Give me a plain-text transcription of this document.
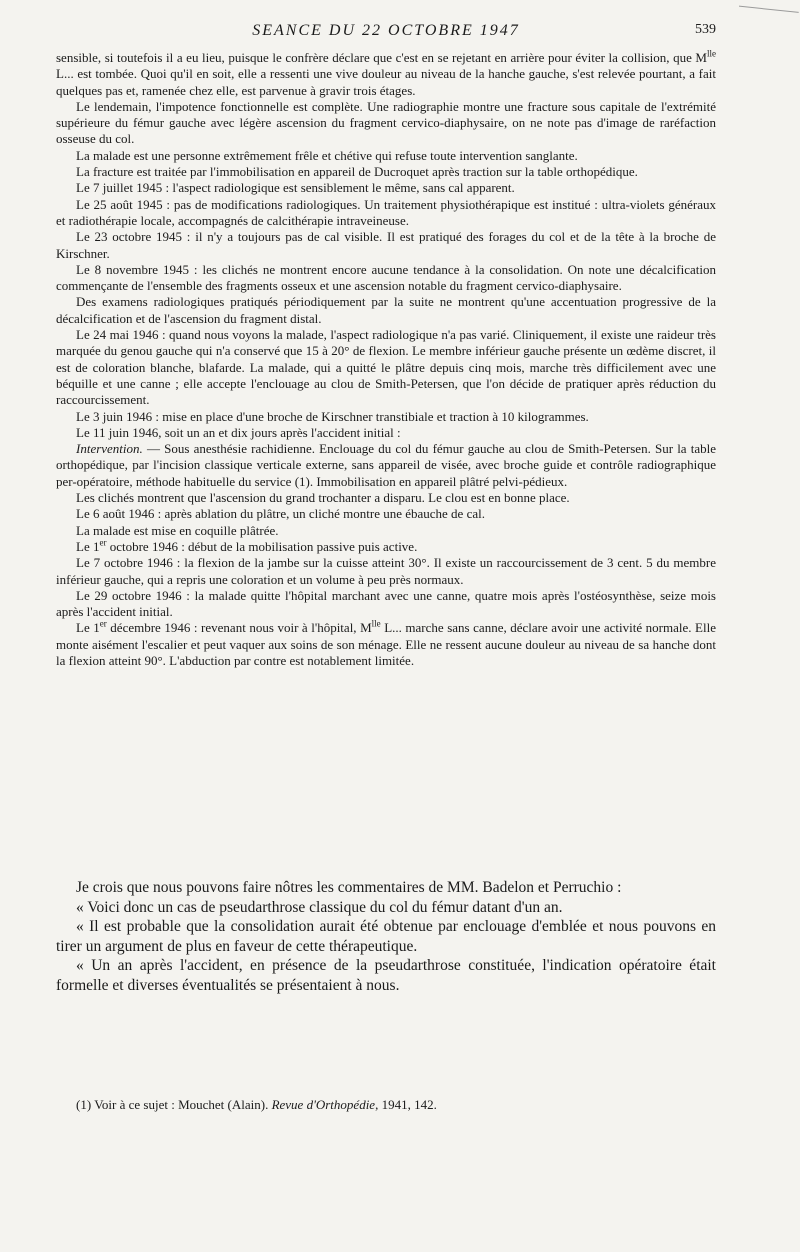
SEANCE DU 22 OCTOBRE 1947	539

sensible, si toutefois il a eu lieu, puisque le confrère déclare que c'est en se rejetant en arrière pour éviter la collision, que $M^{lle}$ L... est tombée. Quoi qu'il en soit, elle a ressenti une vive douleur au niveau de la hanche gauche, s'est relevée pourtant, a fait quelques pas et, ramenée chez elle, est parvenue à gravir trois étages.

Le lendemain, l'impotence fonctionnelle est complète. Une radiographie montre une fracture sous capitale de l'extrémité supérieure du fémur gauche avec légère ascension du fragment cervico-diaphysaire, on ne note pas d'image de raréfaction osseuse du col.

La malade est une personne extrêmement frêle et chétive qui refuse toute intervention sanglante.

La fracture est traitée par l'immobilisation en appareil de Ducroquet après traction sur la table orthopédique.

Le 7 juillet 1945 : l'aspect radiologique est sensiblement le même, sans cal apparent.

Le 25 août 1945 : pas de modifications radiologiques. Un traitement physiothérapique est institué : ultra-violets généraux et radiothérapie locale, accompagnés de calcithérapie intraveineuse.

Le 23 octobre 1945 : il n'y a toujours pas de cal visible. Il est pratiqué des forages du col et de la tête à la broche de Kirschner.

Le 8 novembre 1945 : les clichés ne montrent encore aucune tendance à la consolidation. On note une décalcification commençante de l'ensemble des fragments osseux et une ascension notable du fragment cervico-diaphysaire.

Des examens radiologiques pratiqués périodiquement par la suite ne montrent qu'une accentuation progressive de la décalcification et de l'ascension du fragment distal.

Le 24 mai 1946 : quand nous voyons la malade, l'aspect radiologique n'a pas varié. Cliniquement, il existe une raideur très marquée du genou gauche qui n'a conservé que 15 à 20° de flexion. Le membre inférieur gauche présente un œdème discret, il est de coloration blanche, blafarde. La malade, qui a quitté le plâtre depuis cinq mois, marche très difficilement avec une béquille et une canne ; elle accepte l'enclouage au clou de Smith-Petersen, que l'on décide de pratiquer après réduction du raccourcissement.

Le 3 juin 1946 : mise en place d'une broche de Kirschner transtibiale et traction à 10 kilogrammes.

Le 11 juin 1946, soit un an et dix jours après l'accident initial :

Intervention. — Sous anesthésie rachidienne. Enclouage du col du fémur gauche au clou de Smith-Petersen. Sur la table orthopédique, par l'incision classique verticale externe, sans appareil de visée, avec broche guide et contrôle radiographique per-opératoire, méthode habituelle du service (1). Immobilisation en appareil plâtré pelvi-pédieux.

Les clichés montrent que l'ascension du grand trochanter a disparu. Le clou est en bonne place.

Le 6 août 1946 : après ablation du plâtre, un cliché montre une ébauche de cal.

La malade est mise en coquille plâtrée.

Le 1er octobre 1946 : début de la mobilisation passive puis active.

Le 7 octobre 1946 : la flexion de la jambe sur la cuisse atteint 30°. Il existe un raccourcissement de 3 cent. 5 du membre inférieur gauche, qui a repris une coloration et un volume à peu près normaux.

Le 29 octobre 1946 : la malade quitte l'hôpital marchant avec une canne, quatre mois après l'ostéosynthèse, seize mois après l'accident initial.

Le 1er décembre 1946 : revenant nous voir à l'hôpital, $M^{lle}$ L... marche sans canne, déclare avoir une activité normale. Elle monte aisément l'escalier et peut vaquer aux soins de son ménage. Elle ne ressent aucune douleur au niveau de sa hanche dont la flexion atteint 90°. L'abduction par contre est notablement limitée.

Je crois que nous pouvons faire nôtres les commentaires de MM. Badelon et Perruchio :

« Voici donc un cas de pseudarthrose classique du col du fémur datant d'un an.

« Il est probable que la consolidation aurait été obtenue par enclouage d'emblée et nous pouvons en tirer un argument de plus en faveur de cette thérapeutique.

« Un an après l'accident, en présence de la pseudarthrose constituée, l'indication opératoire était formelle et diverses éventualités se présentaient à nous.

(1) Voir à ce sujet : Mouchet (Alain). Revue d'Orthopédie, 1941, 142.
